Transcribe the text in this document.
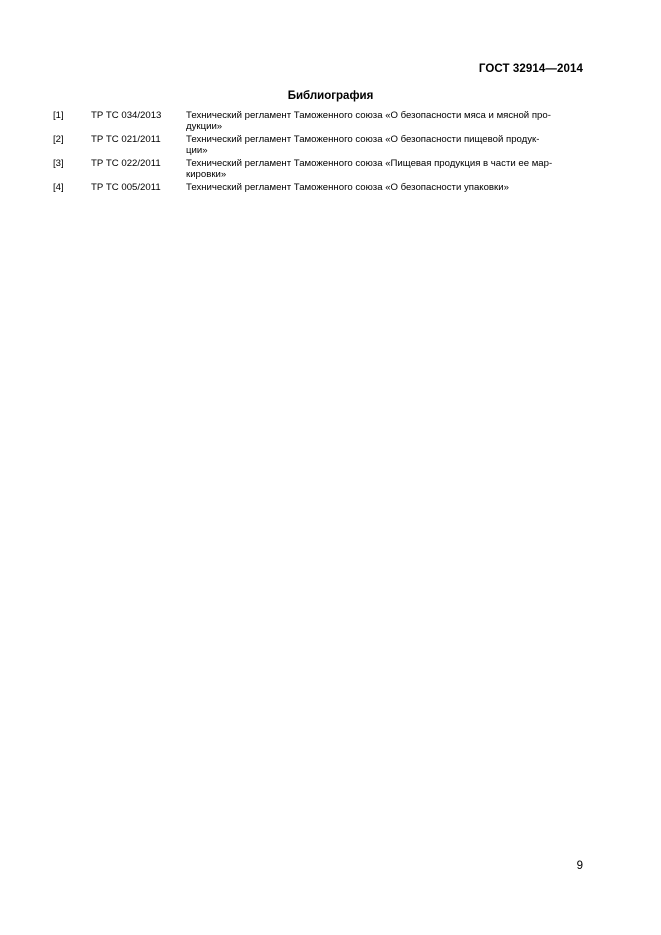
ГОСТ 32914—2014
Библиография
[1]	ТР ТС 034/2013	Технический регламент Таможенного союза «О безопасности мяса и мясной про-
дукции»
[2]	ТР ТС 021/2011	Технический регламент Таможенного союза «О безопасности пищевой продук-
ции»
[3]	ТР ТС 022/2011	Технический регламент Таможенного союза «Пищевая продукция в части ее мар-
кировки»
[4]	ТР ТС 005/2011	Технический регламент Таможенного союза «О безопасности упаковки»
9
